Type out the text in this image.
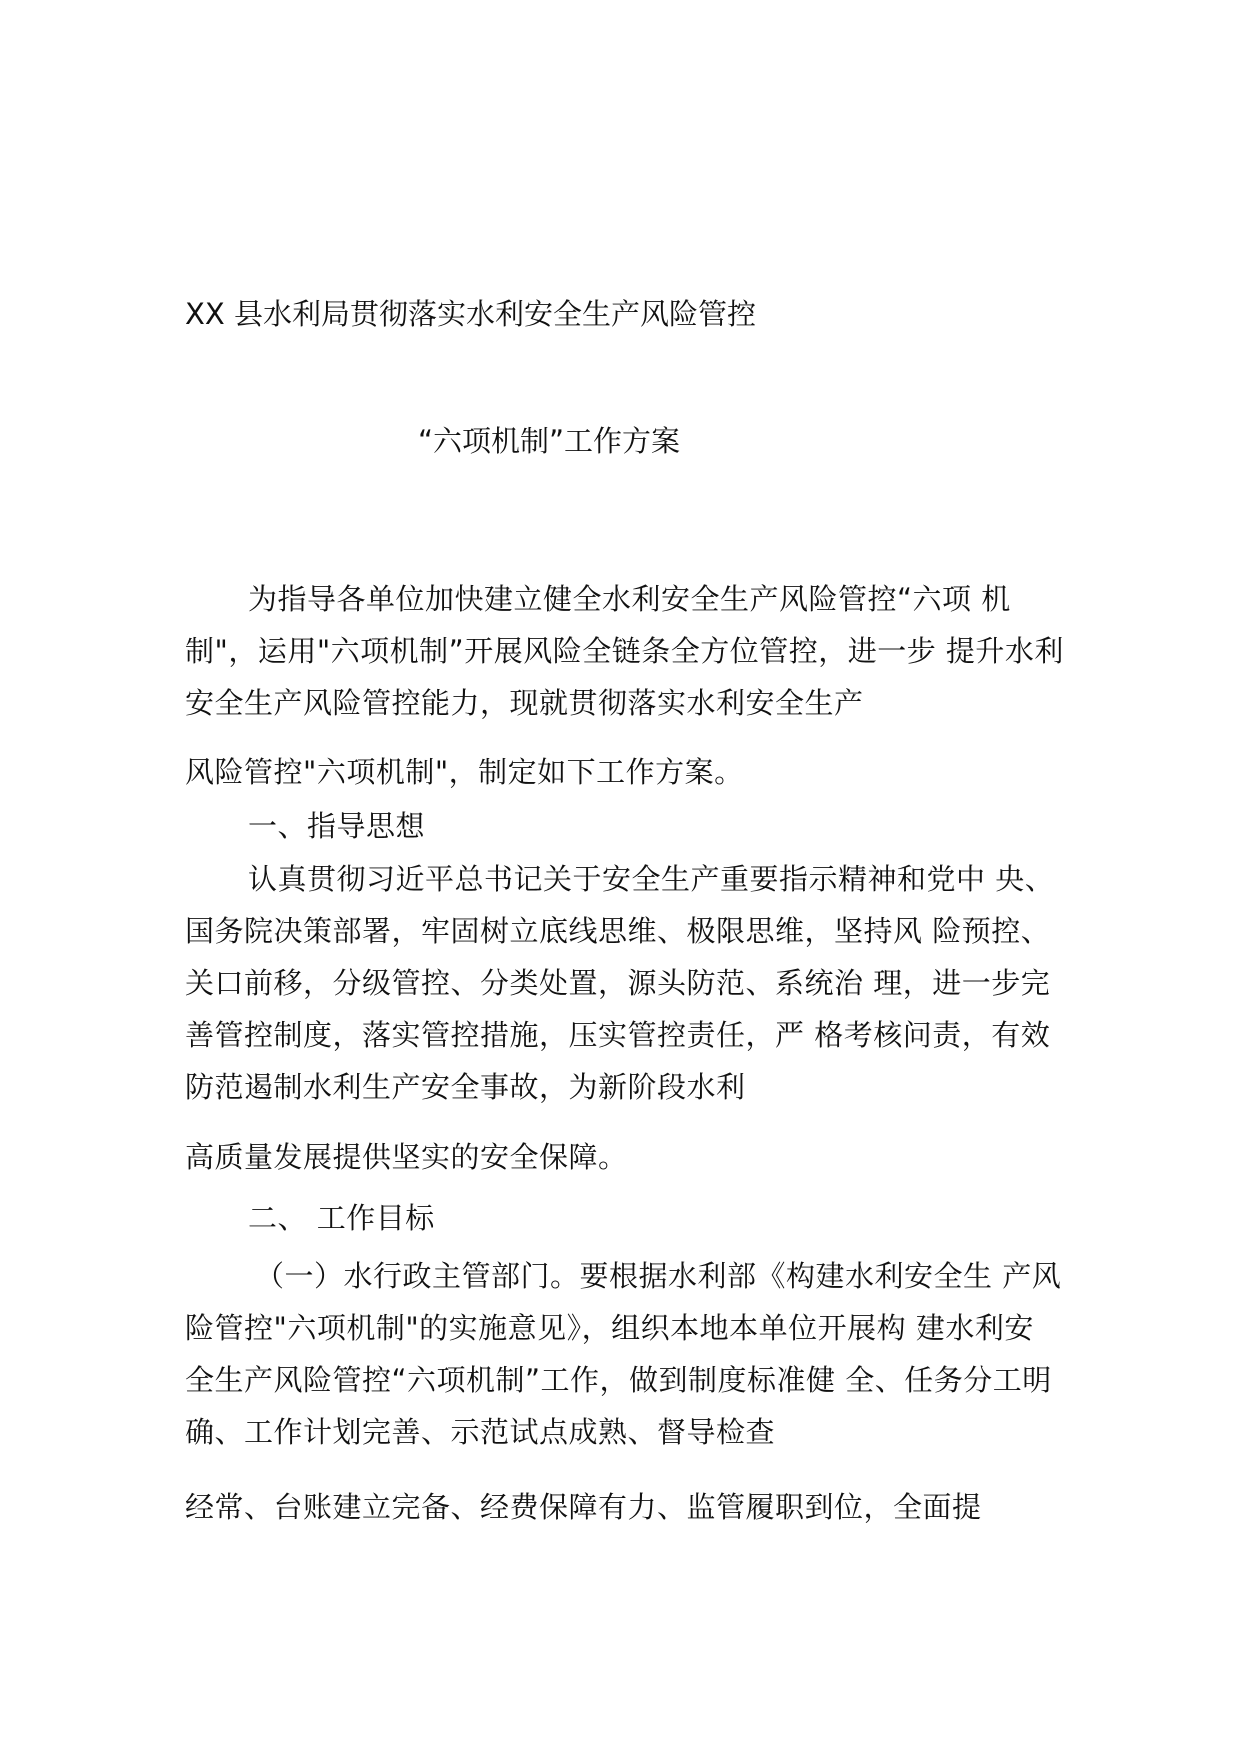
XX 县水利局贯彻落实水利安全生产风险管控
“六项机制”工作方案
为指导各单位加快建立健全水利安全生产风险管控“六项 机
制"，运用"六项机制”开展风险全链条全方位管控，进一步 提升水利
安全生产风险管控能力，现就贯彻落实水利安全生产
风险管控"六项机制"，制定如下工作方案。
一、指导思想
认真贯彻习近平总书记关于安全生产重要指示精神和党中 央、
国务院决策部署，牢固树立底线思维、极限思维，坚持风 险预控、
关口前移，分级管控、分类处置，源头防范、系统治 理，进一步完
善管控制度，落实管控措施，压实管控责任，严 格考核问责，有效
防范遏制水利生产安全事故，为新阶段水利
高质量发展提供坚实的安全保障。
二、 工作目标
（一）水行政主管部门。要根据水利部《构建水利安全生 产风
险管控"六项机制"的实施意见》，组织本地本单位开展构 建水利安
全生产风险管控“六项机制”工作，做到制度标准健 全、任务分工明
确、工作计划完善、示范试点成熟、督导检查
经常、台账建立完备、经费保障有力、监管履职到位，全面提
